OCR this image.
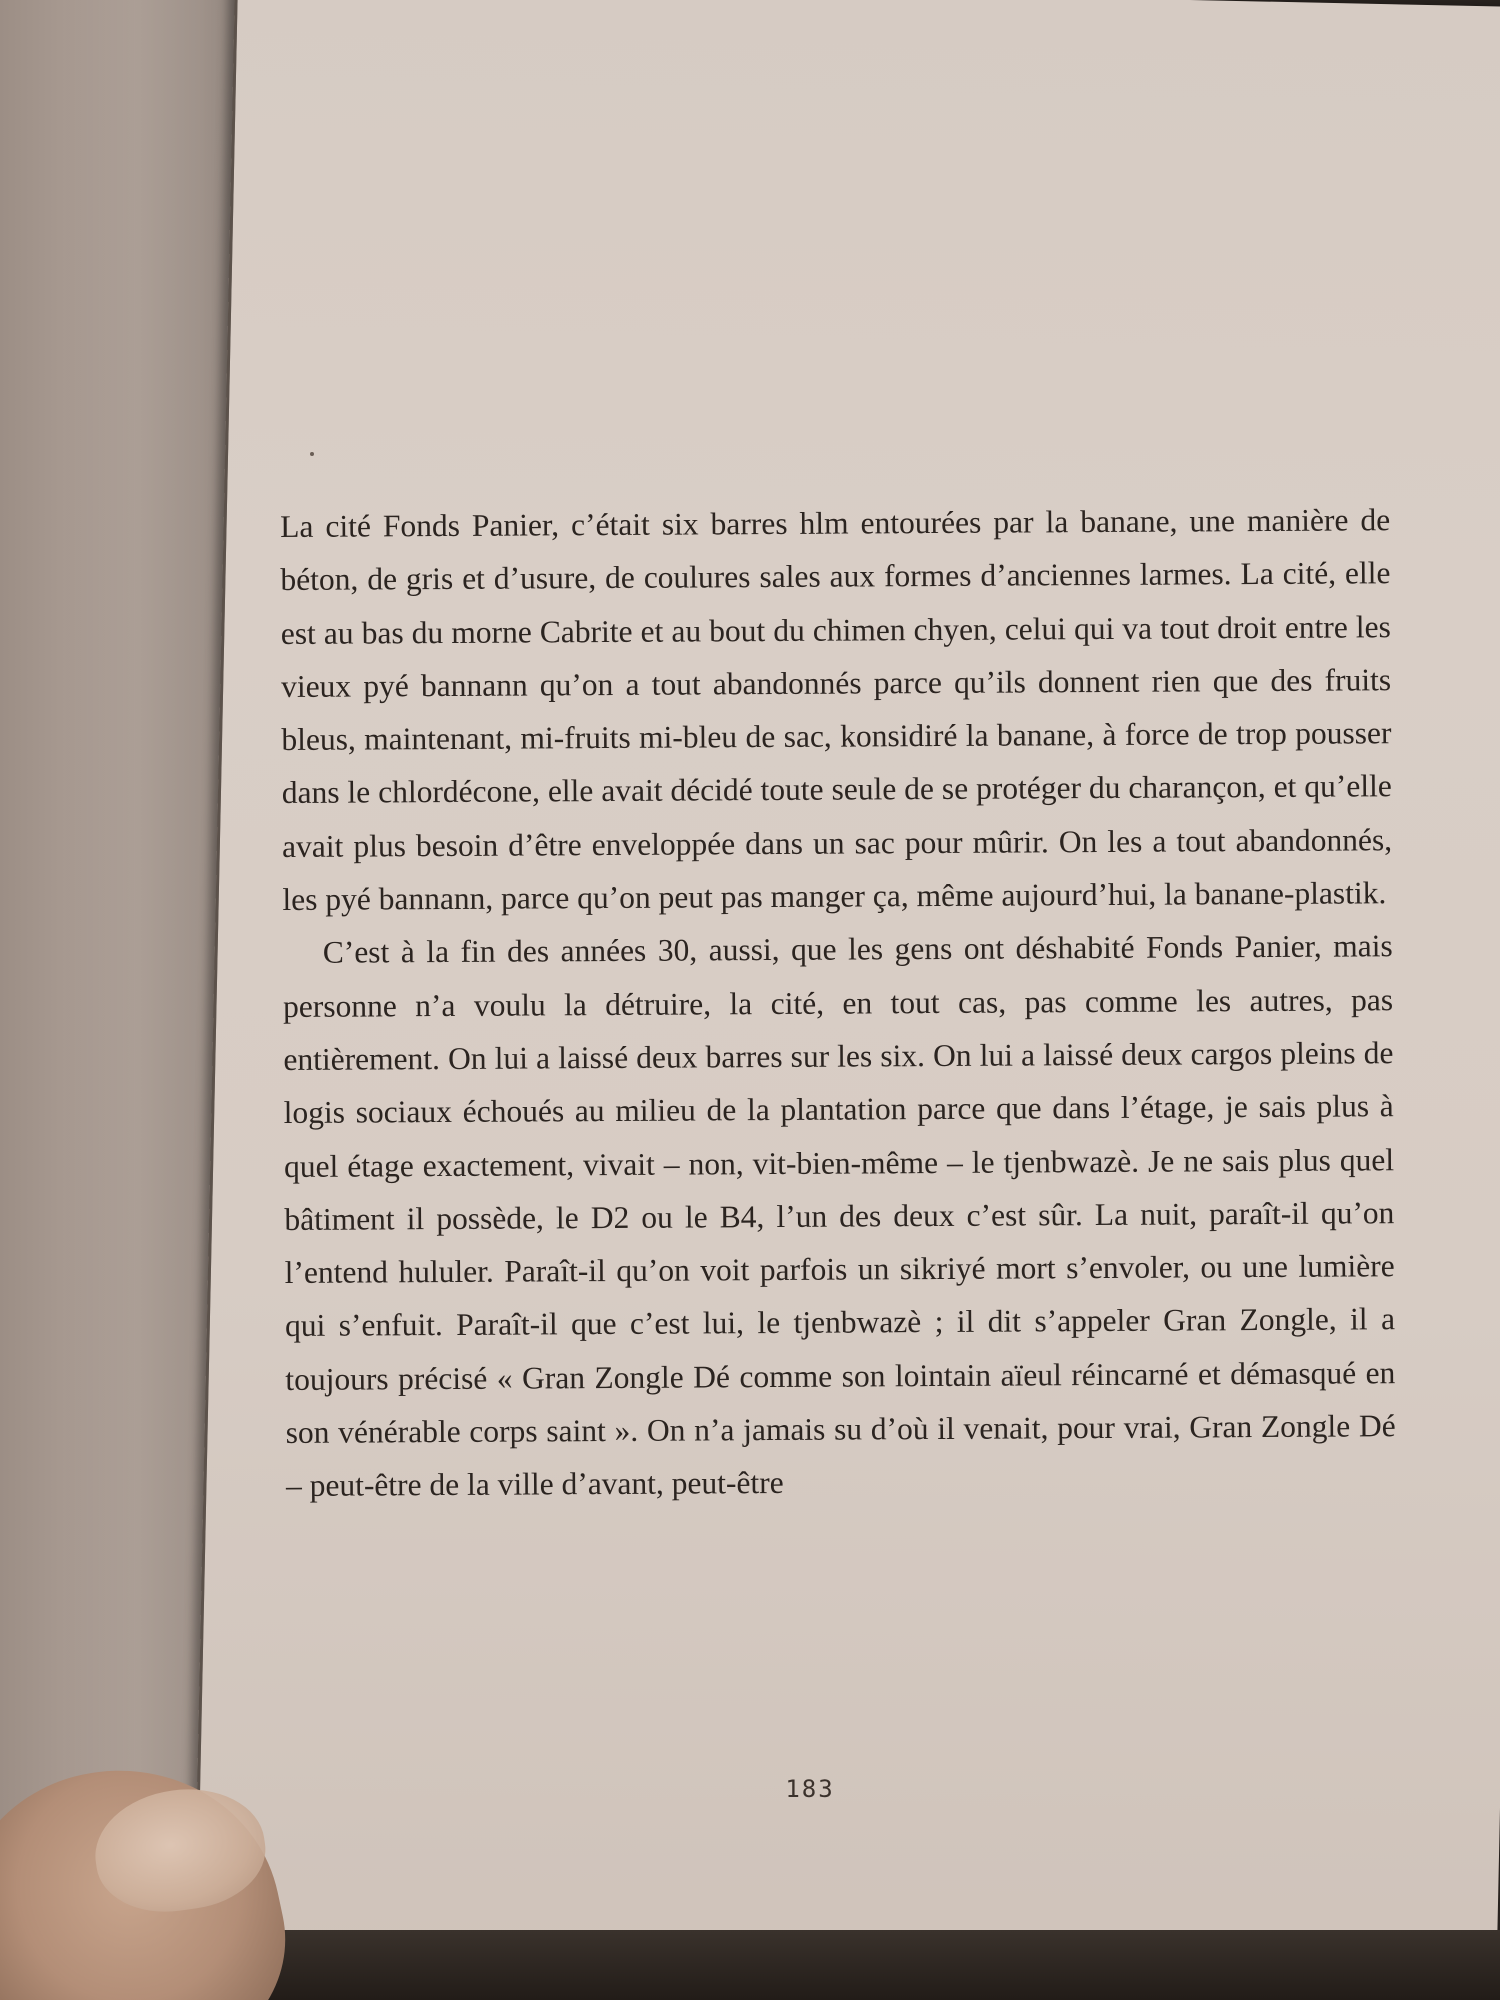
La cité Fonds Panier, c’était six barres hlm entourées par la banane, une manière de béton, de gris et d’usure, de coulures sales aux formes d’anciennes larmes. La cité, elle est au bas du morne Cabrite et au bout du chimen chyen, celui qui va tout droit entre les vieux pyé bannann qu’on a tout abandonnés parce qu’ils donnent rien que des fruits bleus, maintenant, mi-fruits mi-bleu de sac, konsidiré la banane, à force de trop pousser dans le chlordécone, elle avait décidé toute seule de se protéger du charançon, et qu’elle avait plus besoin d’être enveloppée dans un sac pour mûrir. On les a tout abandonnés, les pyé bannann, parce qu’on peut pas manger ça, même aujourd’hui, la banane-plastik.

C’est à la fin des années 30, aussi, que les gens ont déshabité Fonds Panier, mais personne n’a voulu la détruire, la cité, en tout cas, pas comme les autres, pas entièrement. On lui a laissé deux barres sur les six. On lui a laissé deux cargos pleins de logis sociaux échoués au milieu de la plantation parce que dans l’étage, je sais plus à quel étage exactement, vivait – non, vit-bien-même – le tjenbwazè. Je ne sais plus quel bâtiment il possède, le D2 ou le B4, l’un des deux c’est sûr. La nuit, paraît-il qu’on l’entend hululer. Paraît-il qu’on voit parfois un sikriyé mort s’envoler, ou une lumière qui s’enfuit. Paraît-il que c’est lui, le tjenbwazè ; il dit s’appeler Gran Zongle, il a toujours précisé « Gran Zongle Dé comme son lointain aïeul réincarné et démasqué en son vénérable corps saint ». On n’a jamais su d’où il venait, pour vrai, Gran Zongle Dé – peut-être de la ville d’avant, peut-être

183
